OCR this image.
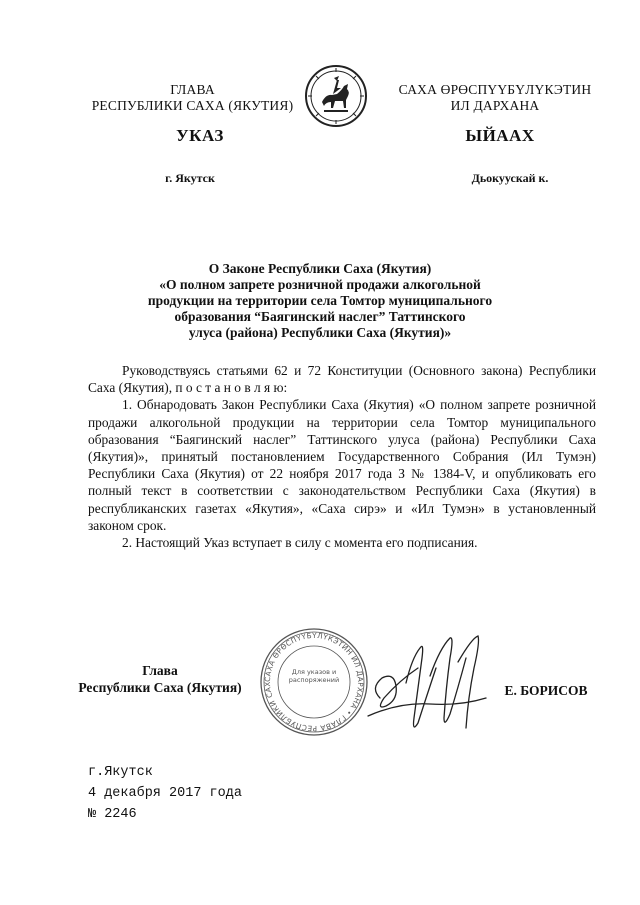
ГЛАВА
РЕСПУБЛИКИ САХА (ЯКУТИЯ)
САХА ӨРӨСПҮҮБҮЛҮКЭТИН
ИЛ ДАРХАНА
УКАЗ	ЫЙААХ
г. Якутск	Дьокуускай к.
О Законе Республики Саха (Якутия)
«О полном запрете розничной продажи алкогольной
продукции на территории села Томтор муниципального
образования “Баягинский наслег” Таттинского
улуса (района) Республики Саха (Якутия)»

Руководствуясь статьями 62 и 72 Конституции (Основного закона) Республики Саха (Якутия), п о с т а н о в л я ю:

1. Обнародовать Закон Республики Саха (Якутия) «О полном запрете розничной продажи алкогольной продукции на территории села Томтор муниципального образования “Баягинский наслег” Таттинского улуса (района) Республики Саха (Якутия)», принятый постановлением Государственного Собрания (Ил Тумэн) Республики Саха (Якутия) от 22 ноября 2017 года З № 1384-V, и опубликовать его полный текст в соответствии с законодательством Республики Саха (Якутия) в республиканских газетах «Якутия», «Саха сирэ» и «Ил Тумэн» в установленный законом срок.

2. Настоящий Указ вступает в силу с момента его подписания.

Глава
Республики Саха (Якутия)
САХА ӨРӨСПҮҮБҮЛҮКЭТИН ИЛ ДАРХАНА • ГЛАВА РЕСПУБЛИКИ САХ
Для указов и распоряжений
Е. БОРИСОВ
г.Якутск
4 декабря 2017 года
№ 2246
